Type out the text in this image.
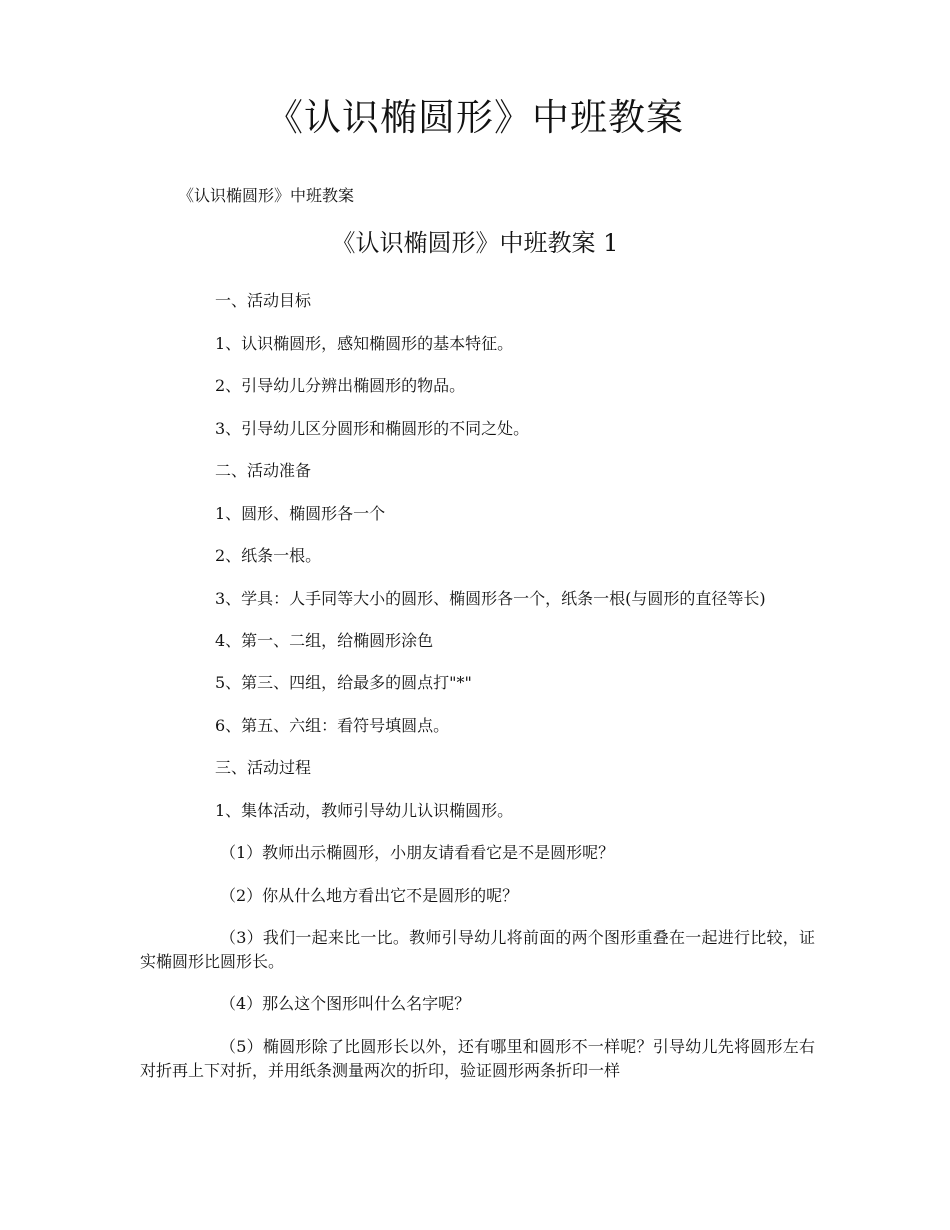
《认识椭圆形》中班教案
《认识椭圆形》中班教案
《认识椭圆形》中班教案 1

一、活动目标

1、认识椭圆形，感知椭圆形的基本特征。

2、引导幼儿分辨出椭圆形的物品。

3、引导幼儿区分圆形和椭圆形的不同之处。

二、活动准备

1、圆形、椭圆形各一个

2、纸条一根。

3、学具：人手同等大小的圆形、椭圆形各一个，纸条一根(与圆形的直径等长)

4、第一、二组，给椭圆形涂色

5、第三、四组，给最多的圆点打"*"

6、第五、六组：看符号填圆点。

三、活动过程

1、集体活动，教师引导幼儿认识椭圆形。

（1）教师出示椭圆形，小朋友请看看它是不是圆形呢？

（2）你从什么地方看出它不是圆形的呢？

（3）我们一起来比一比。教师引导幼儿将前面的两个图形重叠在一起进行比较，证实椭圆形比圆形长。

（4）那么这个图形叫什么名字呢？

（5）椭圆形除了比圆形长以外，还有哪里和圆形不一样呢？引导幼儿先将圆形左右对折再上下对折，并用纸条测量两次的折印，验证圆形两条折印一样
